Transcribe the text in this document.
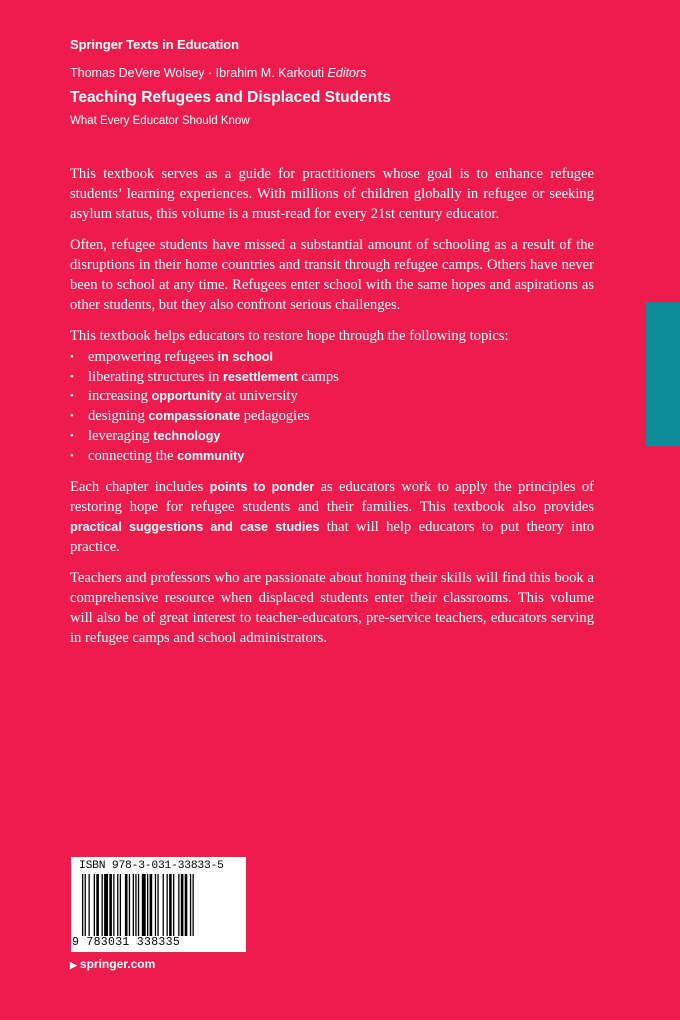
Springer Texts in Education
Thomas DeVere Wolsey · Ibrahim M. Karkouti Editors
Teaching Refugees and Displaced Students
What Every Educator Should Know

This textbook serves as a guide for practitioners whose goal is to enhance refugee students’ learning experiences. With millions of children globally in refugee or seeking asylum status, this volume is a must-read for every 21st century educator.

Often, refugee students have missed a substantial amount of schooling as a result of the disruptions in their home countries and transit through refugee camps. Others have never been to school at any time. Refugees enter school with the same hopes and aspirations as other students, but they also confront serious challenges.

This textbook helps educators to restore hope through the following topics:

• empowering refugees in school
• liberating structures in resettlement camps
• increasing opportunity at university
• designing compassionate pedagogies
• leveraging technology
• connecting the community

Each chapter includes points to ponder as educators work to apply the principles of restoring hope for refugee students and their families. This textbook also provides practical suggestions and case studies that will help educators to put theory into practice.

Teachers and professors who are passionate about honing their skills will find this book a comprehensive resource when displaced students enter their classrooms. This volume will also be of great interest to teacher-educators, pre-service teachers, educators serving in refugee camps and school administrators.

ISBN 978-3-031-33833-5
9 783031 338335
▶ springer.com
